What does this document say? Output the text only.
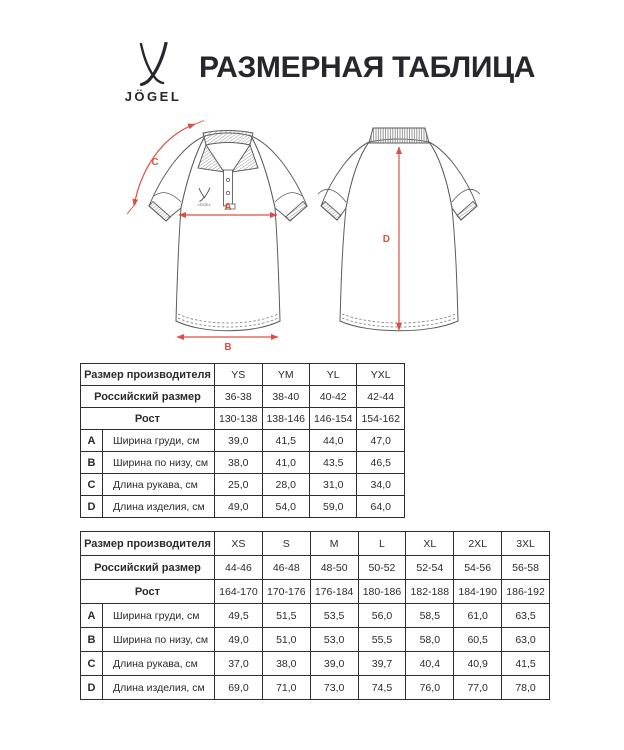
JÖGEL
РАЗМЕРНАЯ ТАБЛИЦА
JÖGEL A
B
C
D
Размер производителя		YS	YM	YL	YXL
Российский размер		36-38	38-40	40-42	42-44
Рост		130-138	138-146	146-154	154-162
A	Ширина груди, см	39,0	41,5	44,0	47,0
B	Ширина по низу, см	38,0	41,0	43,5	46,5
C	Длина рукава, см	25,0	28,0	31,0	34,0
D	Длина изделия, см	49,0	54,0	59,0	64,0
Размер производителя		XS	S	M	L	XL	2XL	3XL
Российский размер		44-46	46-48	48-50	50-52	52-54	54-56	56-58
Рост		164-170	170-176	176-184	180-186	182-188	184-190	186-192
A	Ширина груди, см	49,5	51,5	53,5	56,0	58,5	61,0	63,5
B	Ширина по низу, см	49,0	51,0	53,0	55,5	58,0	60,5	63,0
C	Длина рукава, см	37,0	38,0	39,0	39,7	40,4	40,9	41,5
D	Длина изделия, см	69,0	71,0	73,0	74,5	76,0	77,0	78,0
